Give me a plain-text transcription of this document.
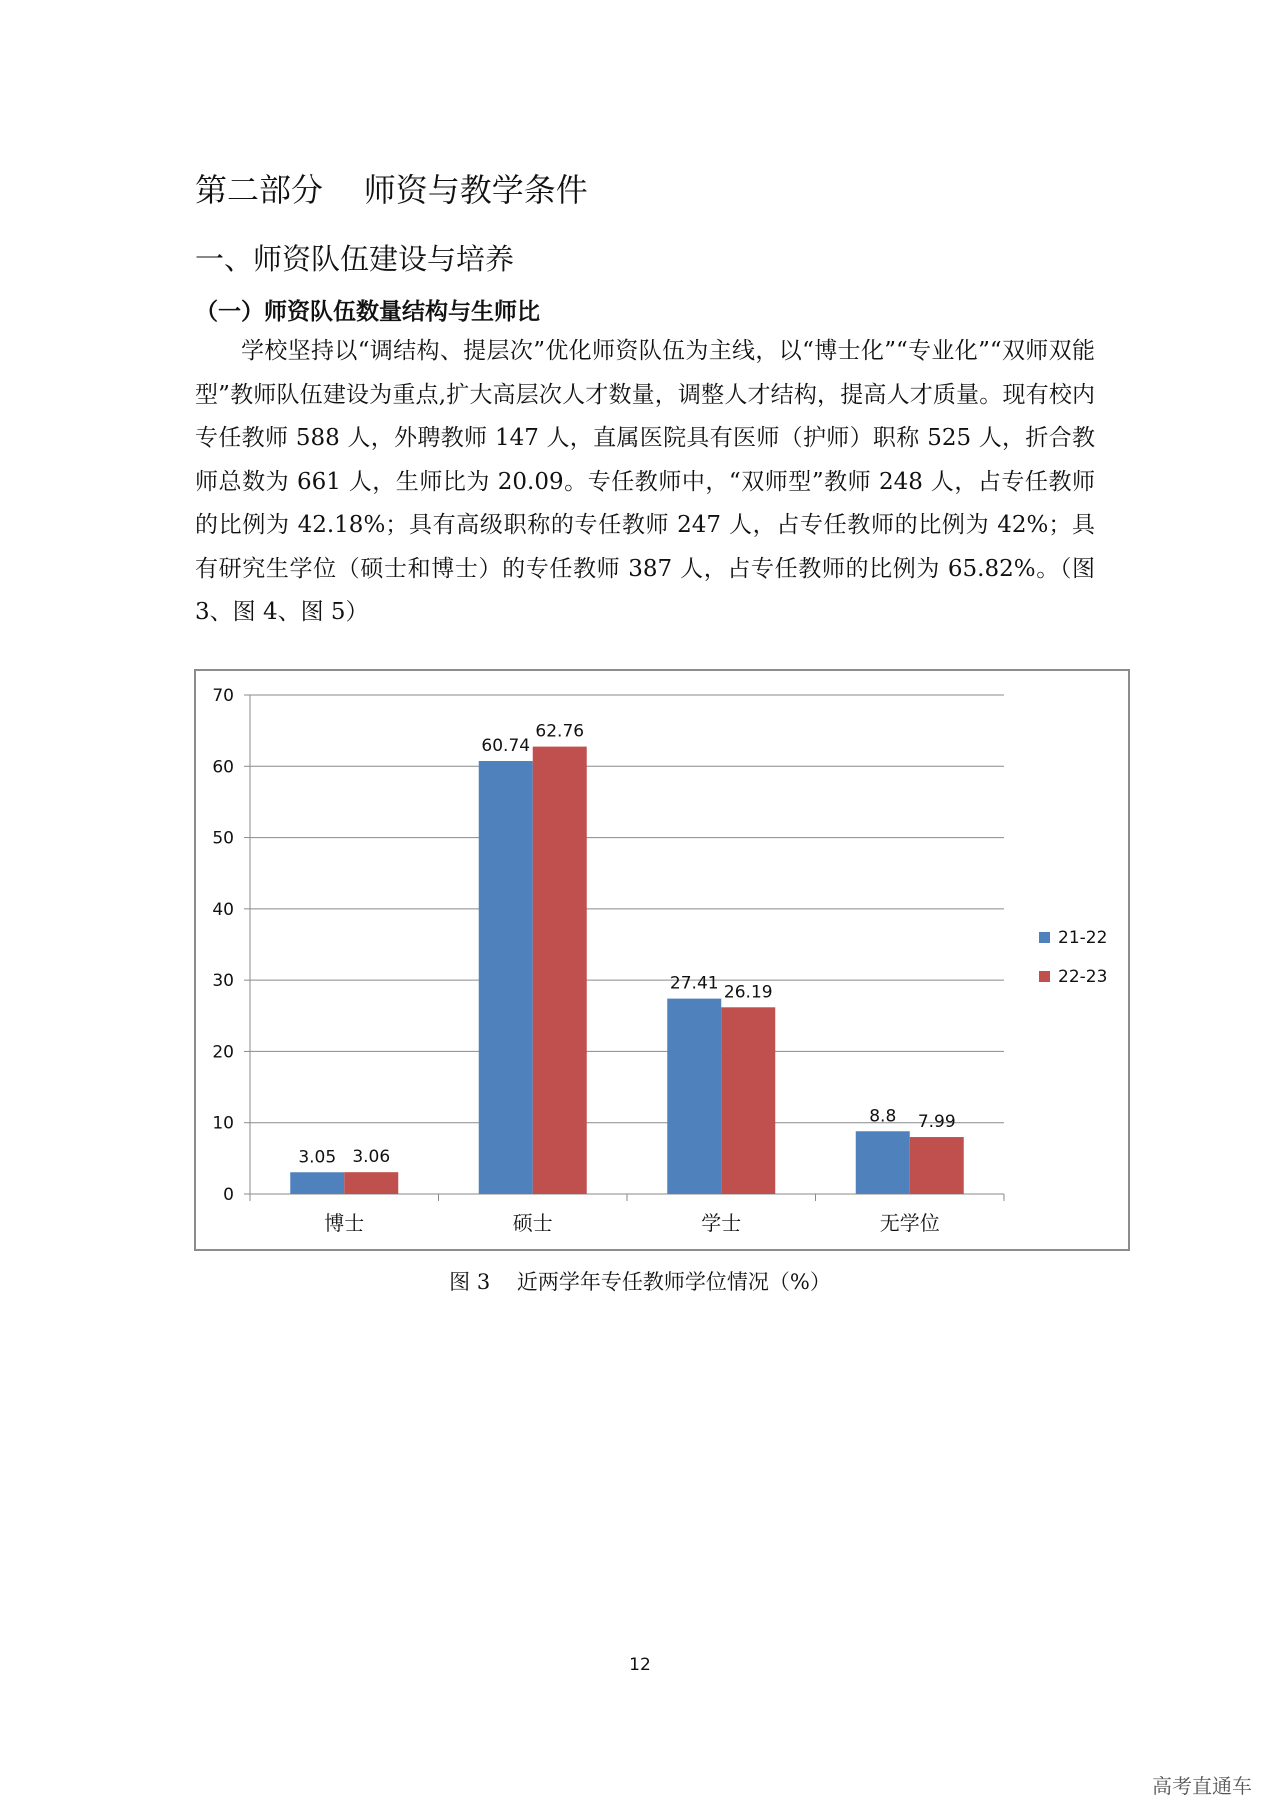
第二部分    师资与教学条件
一、师资队伍建设与培养
（一）师资队伍数量结构与生师比

学校坚持以“调结构、提层次”优化师资队伍为主线，以“博士化”“专业化”“双师双能型”教师队伍建设为重点,扩大高层次人才数量，调整人才结构，提高人才质量。现有校内专任教师 588 人，外聘教师 147 人，直属医院具有医师（护师）职称 525 人，折合教师总数为 661 人，生师比为 20.09。专任教师中，“双师型”教师 248 人，占专任教师的比例为 42.18%；具有高级职称的专任教师 247 人，占专任教师的比例为 42%；具有研究生学位（硕士和博士）的专任教师 387 人，占专任教师的比例为 65.82%。（图 3、图 4、图 5）

0
10
20
30
40
50
60
70
3.05 3.06
博士
60.74
62.76
硕士
27.41 26.19
学士
8.8 7.99
无学位
21-22
22-23
图 3    近两学年专任教师学位情况（%）
12
高考直通车
